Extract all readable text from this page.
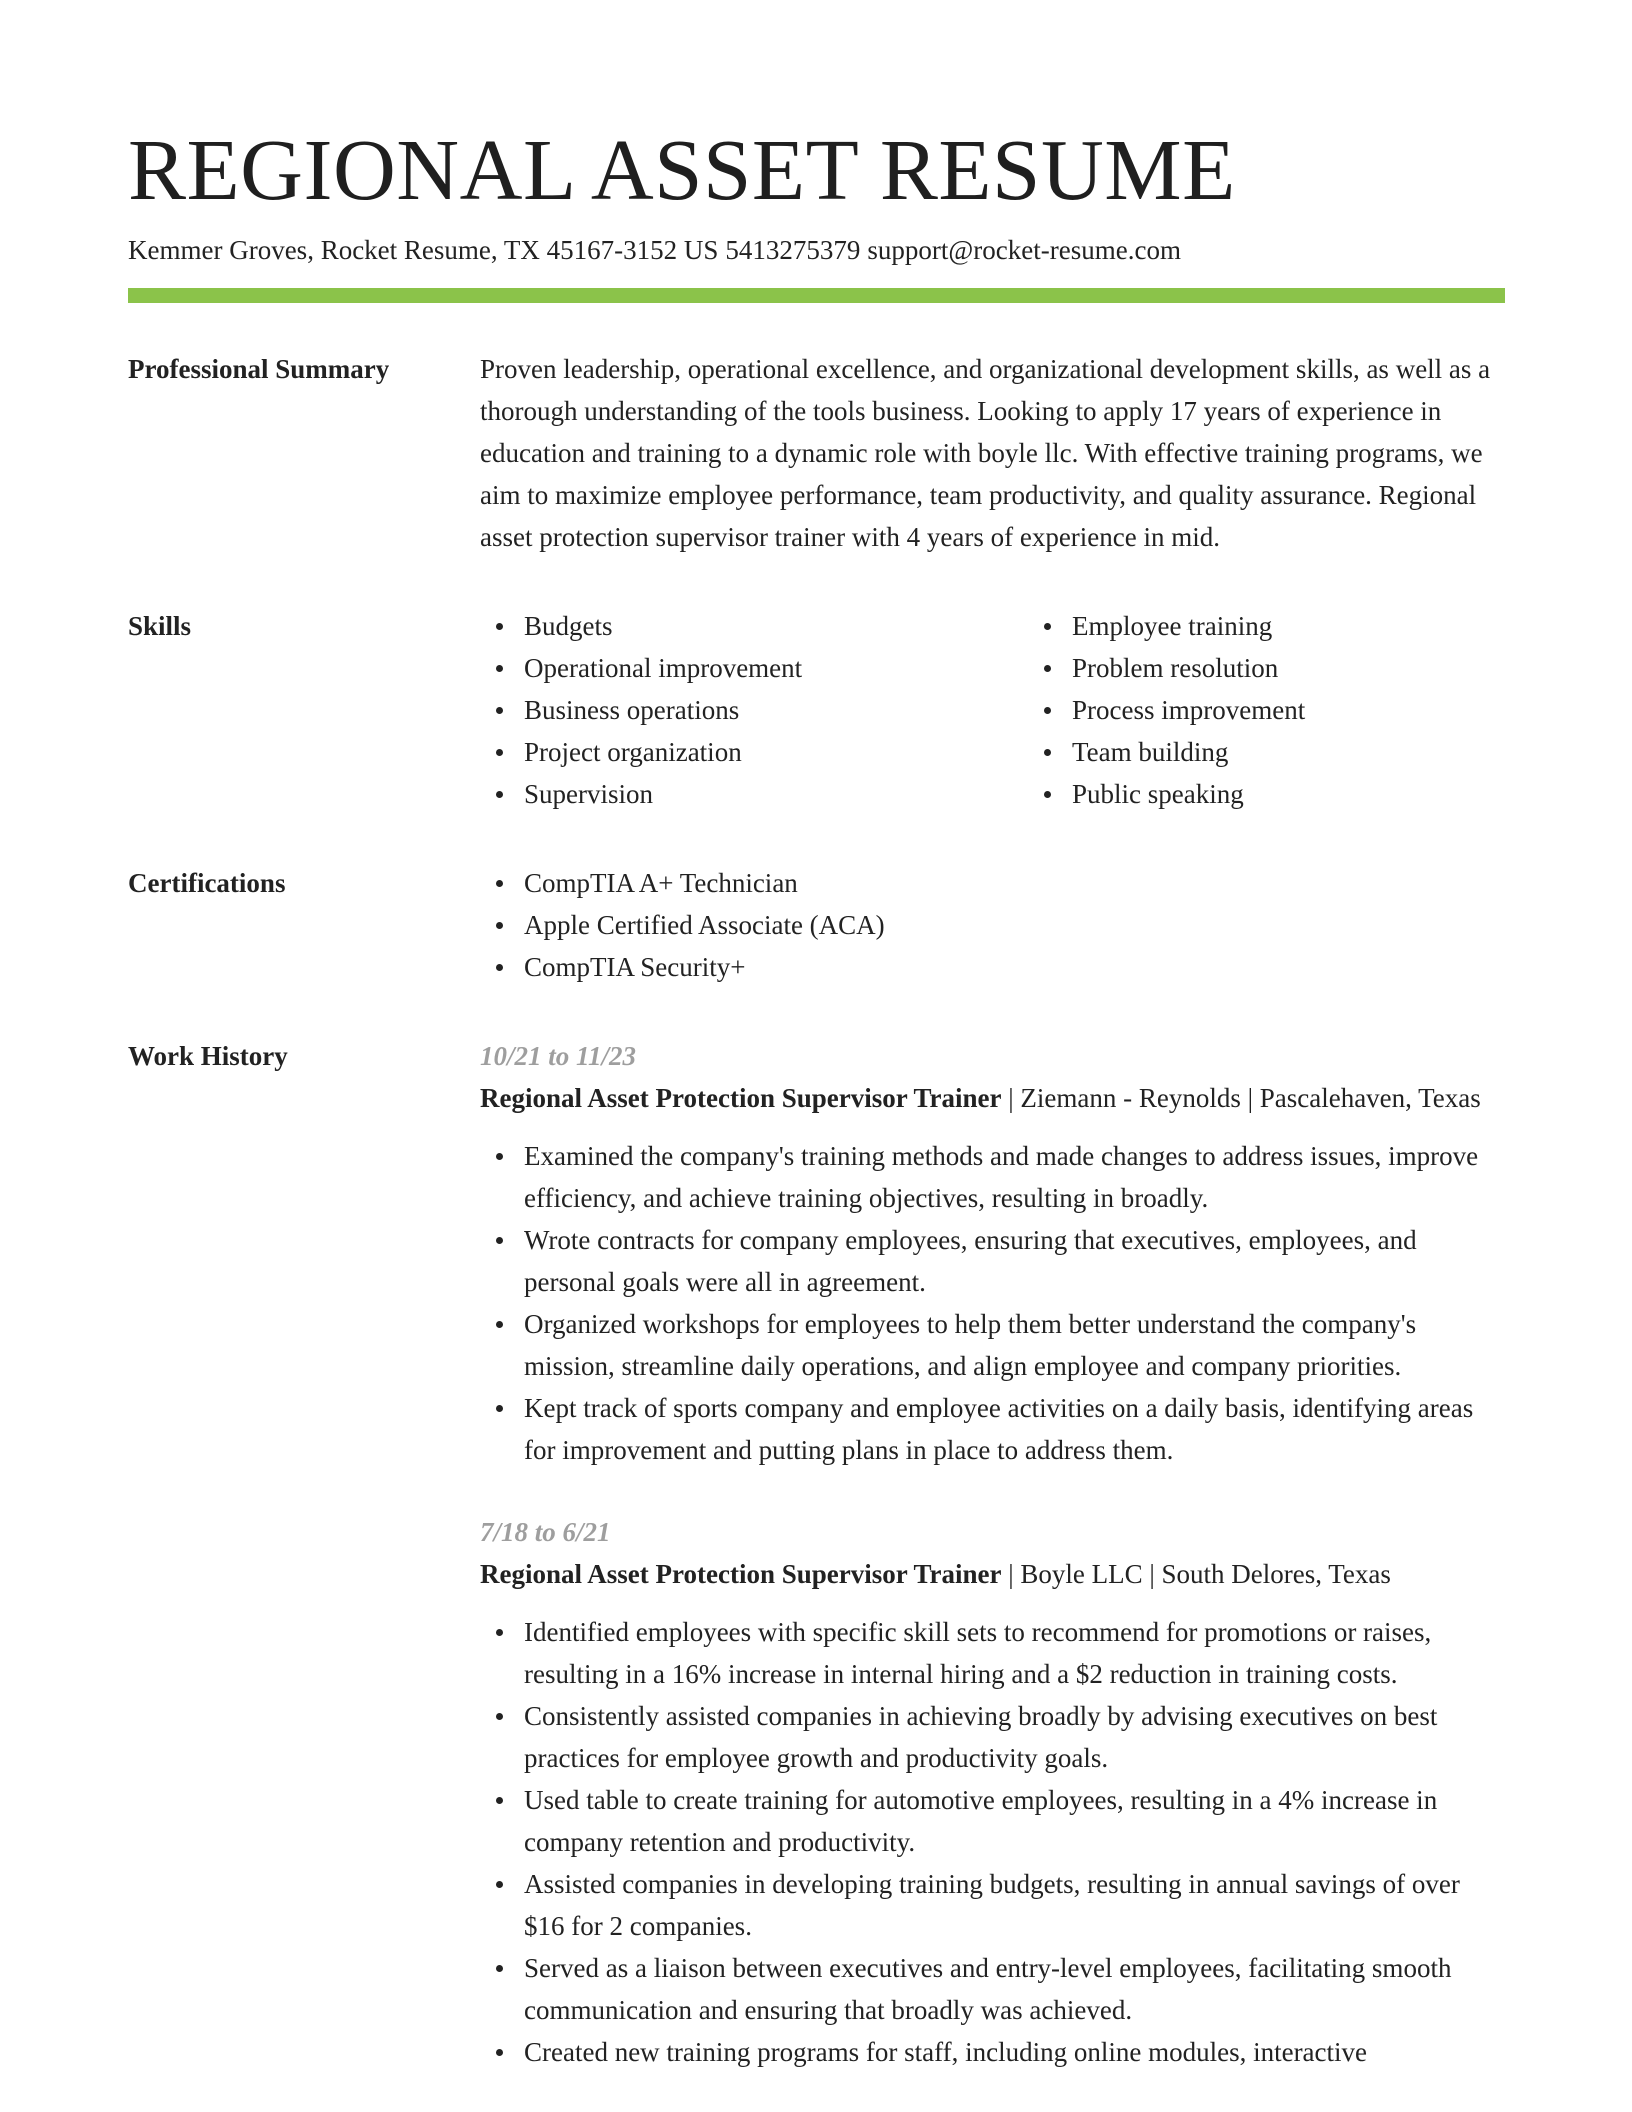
REGIONAL ASSET RESUME
Kemmer Groves, Rocket Resume, TX 45167-3152 US 5413275379 support@rocket-resume.com
Professional Summary	Proven leadership, operational excellence, and organizational development skills, as well as a thorough understanding of the tools business. Looking to apply 17 years of experience in education and training to a dynamic role with boyle llc. With effective training programs, we aim to maximize employee performance, team productivity, and quality assurance. Regional asset protection supervisor trainer with 4 years of experience in mid.

Skills	Budgets
Operational improvement
Business operations
Project organization
Supervision
Employee training
Problem resolution
Process improvement
Team building
Public speaking
Certifications	CompTIA A+ Technician
Apple Certified Associate (ACA)
CompTIA Security+
Work History	10/21 to 11/23
Regional Asset Protection Supervisor Trainer | Ziemann - Reynolds | Pascalehaven, Texas
Examined the company's training methods and made changes to address issues, improve efficiency, and achieve training objectives, resulting in broadly.
Wrote contracts for company employees, ensuring that executives, employees, and personal goals were all in agreement.
Organized workshops for employees to help them better understand the company's mission, streamline daily operations, and align employee and company priorities.
Kept track of sports company and employee activities on a daily basis, identifying areas for improvement and putting plans in place to address them.
7/18 to 6/21
Regional Asset Protection Supervisor Trainer | Boyle LLC | South Delores, Texas
Identified employees with specific skill sets to recommend for promotions or raises, resulting in a 16% increase in internal hiring and a $2 reduction in training costs.
Consistently assisted companies in achieving broadly by advising executives on best practices for employee growth and productivity goals.
Used table to create training for automotive employees, resulting in a 4% increase in company retention and productivity.
Assisted companies in developing training budgets, resulting in annual savings of over $16 for 2 companies.
Served as a liaison between executives and entry-level employees, facilitating smooth communication and ensuring that broadly was achieved.
Created new training programs for staff, including online modules, interactive
